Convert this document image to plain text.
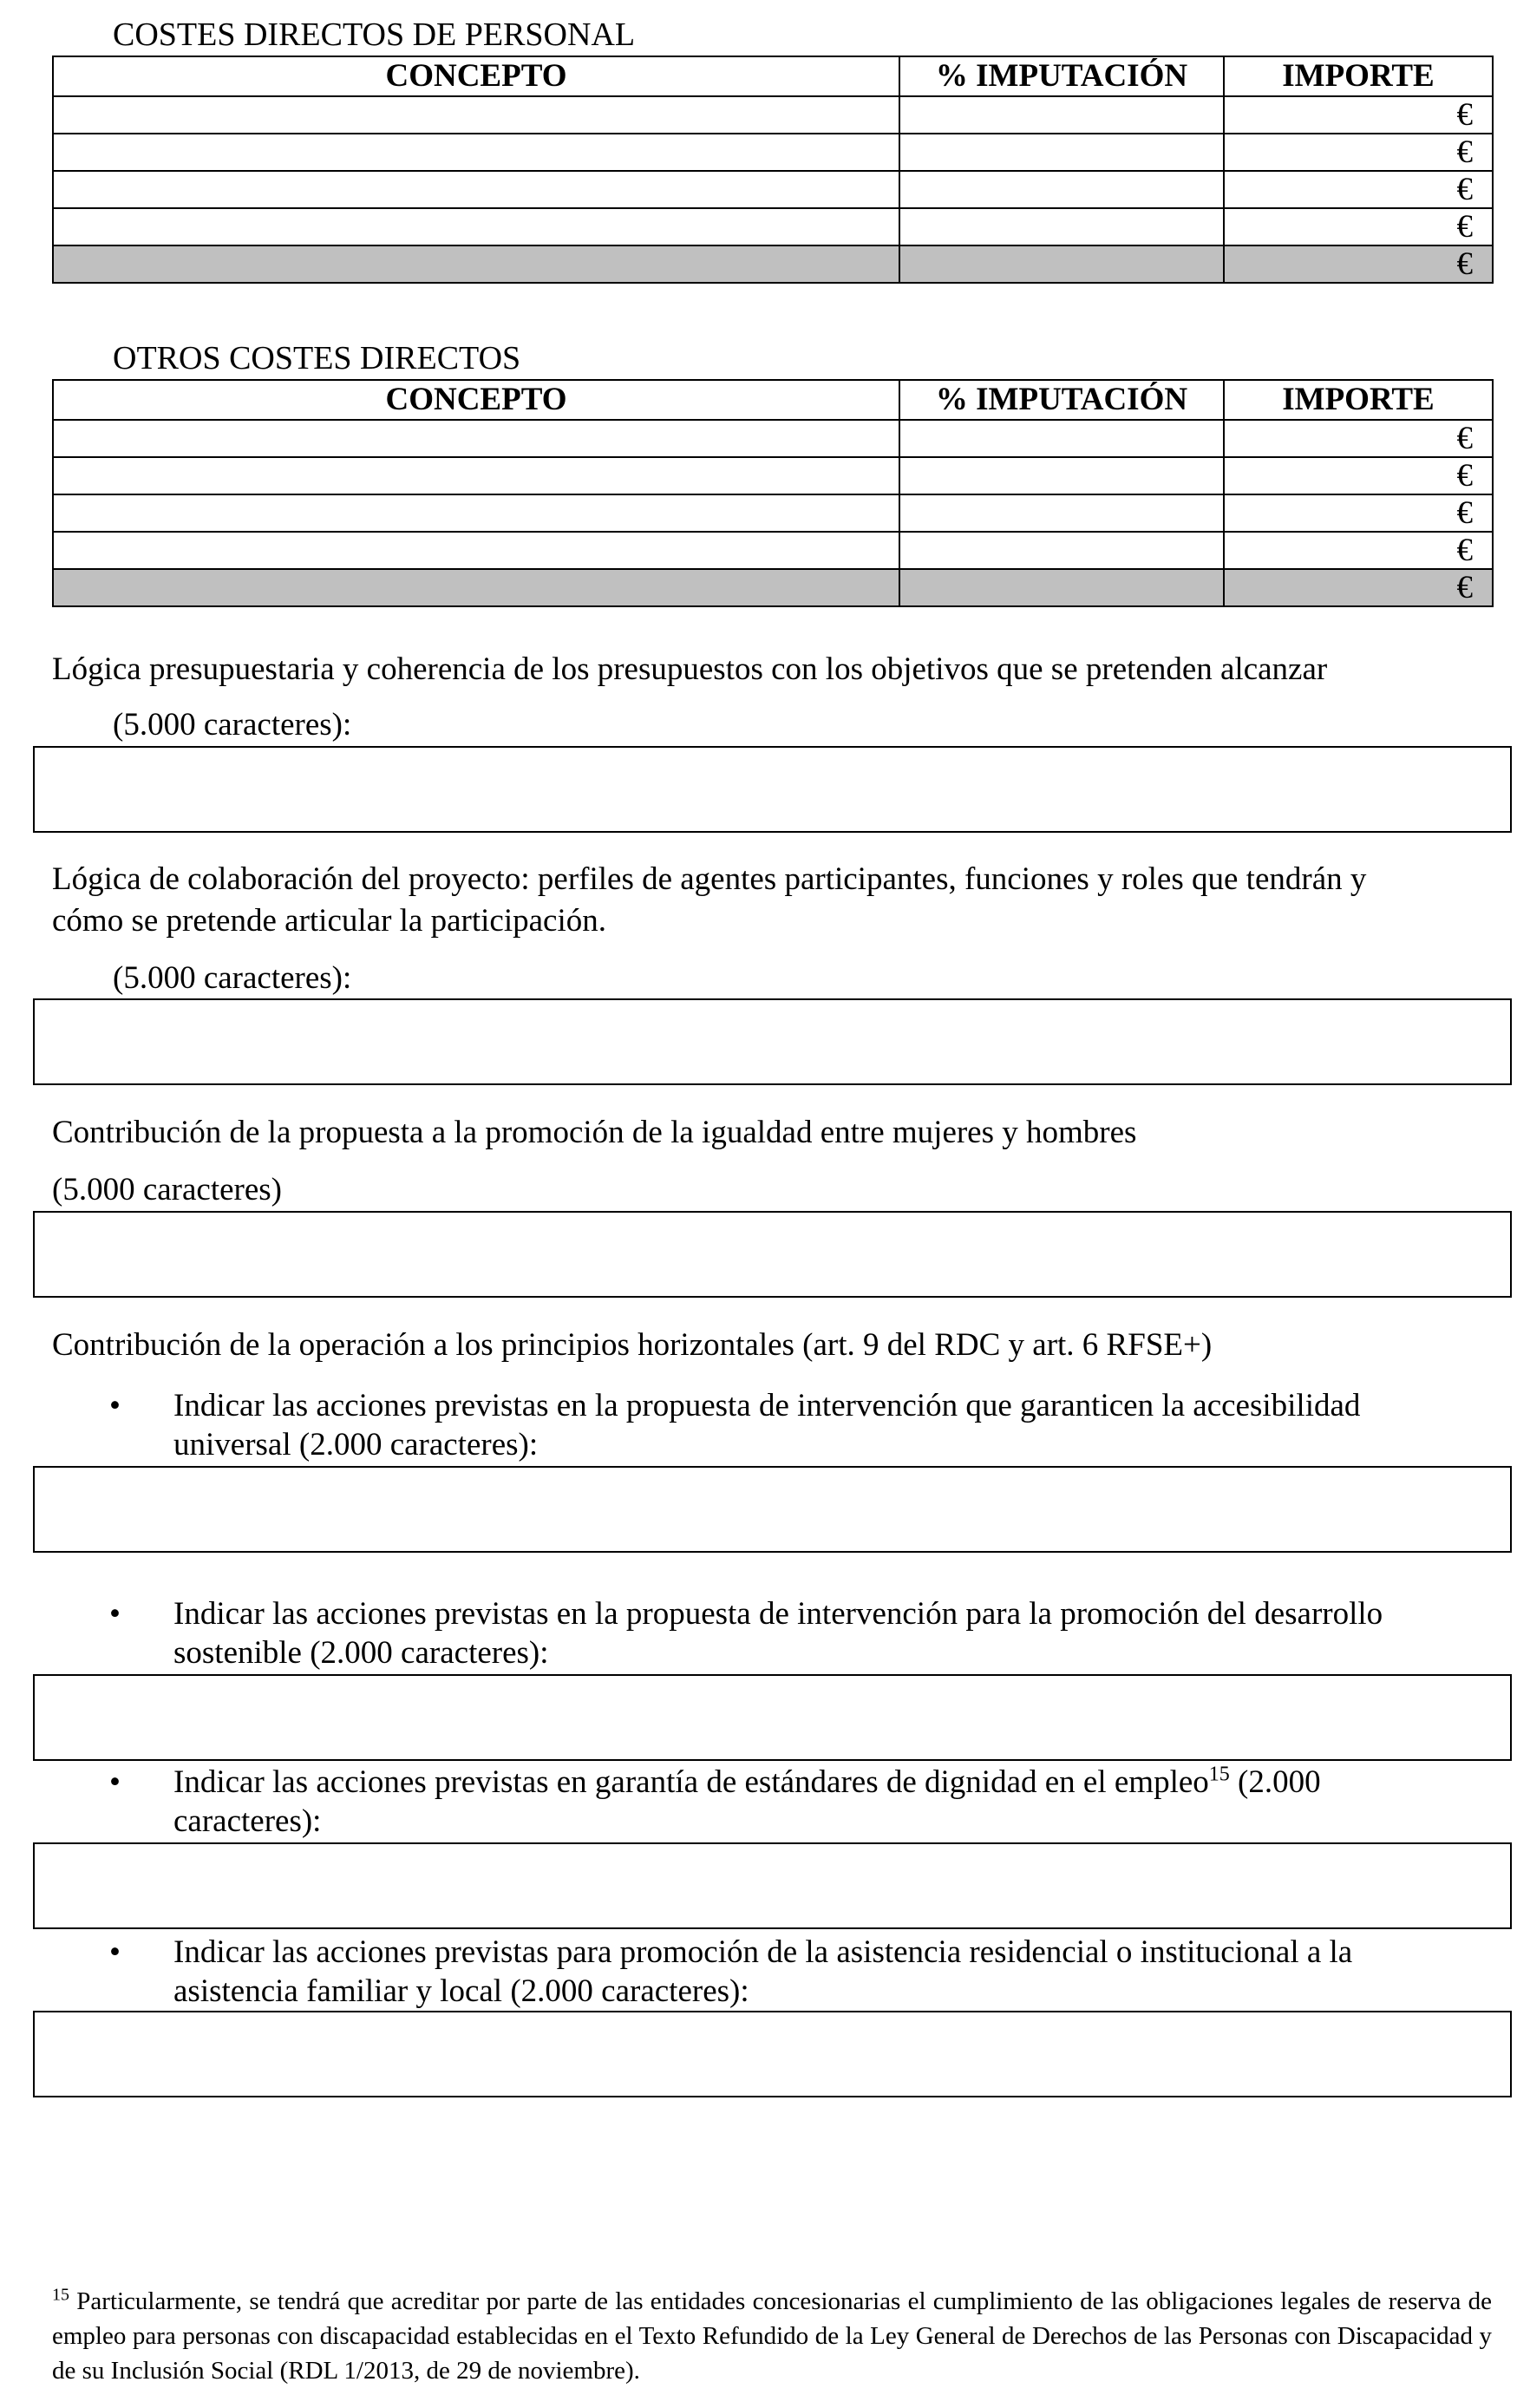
COSTES DIRECTOS DE PERSONAL
CONCEPTO	% IMPUTACIÓN	IMPORTE
		€
		€
		€
		€
		€
OTROS COSTES DIRECTOS
CONCEPTO	% IMPUTACIÓN	IMPORTE
		€
		€
		€
		€
		€
Lógica presupuestaria y coherencia de los presupuestos con los objetivos que se pretenden alcanzar
(5.000 caracteres):
Lógica de colaboración del proyecto: perfiles de agentes participantes, funciones y roles que tendrán y
cómo se pretende articular la participación.
(5.000 caracteres):
Contribución de la propuesta a la promoción de la igualdad entre mujeres y hombres
(5.000 caracteres)
Contribución de la operación a los principios horizontales (art. 9 del RDC y art. 6 RFSE+)
• Indicar las acciones previstas en la propuesta de intervención que garanticen la accesibilidad
universal (2.000 caracteres):
• Indicar las acciones previstas en la propuesta de intervención para la promoción del desarrollo
sostenible (2.000 caracteres):
• Indicar las acciones previstas en garantía de estándares de dignidad en el empleo$^{15}$ (2.000
caracteres):
• Indicar las acciones previstas para promoción de la asistencia residencial o institucional a la
asistencia familiar y local (2.000 caracteres):
$^{15}$ Particularmente, se tendrá que acreditar por parte de las entidades concesionarias el cumplimiento de las obligaciones legales de reserva de empleo para personas con discapacidad establecidas en el Texto Refundido de la Ley General de Derechos de las Personas con Discapacidad y de su Inclusión Social (RDL 1/2013, de 29 de noviembre).
